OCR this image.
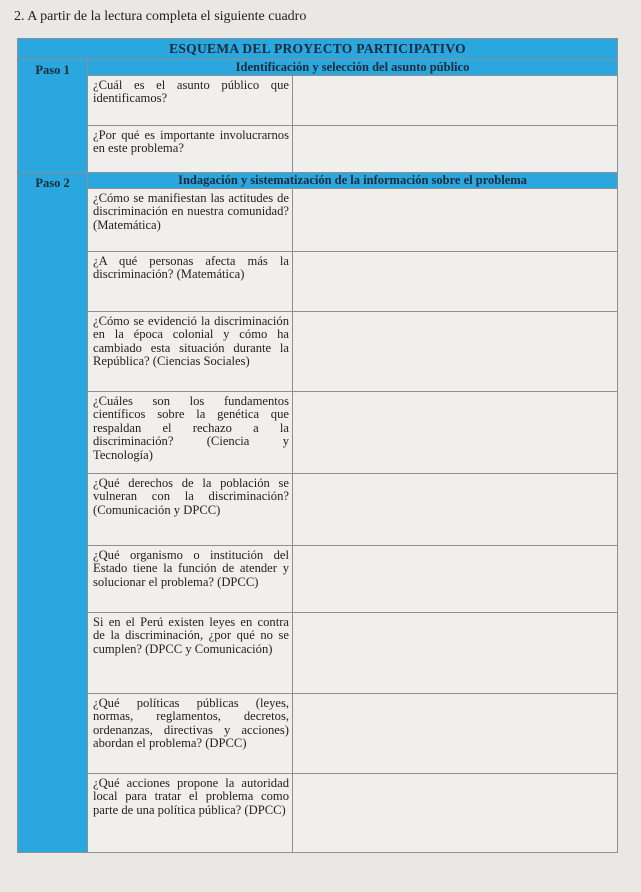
2. A partir de la lectura completa el siguiente cuadro
ESQUEMA DEL PROYECTO PARTICIPATIVO		
Paso 1	Identificación y selección del asunto público	
	¿Cuál es el asunto público que identificamos?	
	¿Por qué es importante involucrarnos en este problema?	
Paso 2	Indagación y sistematización de la información sobre el problema	
	¿Cómo se manifiestan las actitudes de discriminación en nuestra comunidad? (Matemática)	
	¿A qué personas afecta más la discriminación? (Matemática)	
	¿Cómo se evidenció la discriminación en la época colonial y cómo ha cambiado esta situación durante la República? (Ciencias Sociales)	
	¿Cuáles son los fundamentos científicos sobre la genética que respaldan el rechazo a la discriminación? (Ciencia y Tecnología)	
	¿Qué derechos de la población se vulneran con la discriminación? (Comunicación y DPCC)	
	¿Qué organismo o institución del Estado tiene la función de atender y solucionar el problema? (DPCC)	
	Si en el Perú existen leyes en contra de la discriminación, ¿por qué no se cumplen? (DPCC y Comunicación)	
	¿Qué políticas públicas (leyes, normas, reglamentos, decretos, ordenanzas, directivas y acciones) abordan el problema? (DPCC)	
	¿Qué acciones propone la autoridad local para tratar el problema como parte de una política pública? (DPCC)	
